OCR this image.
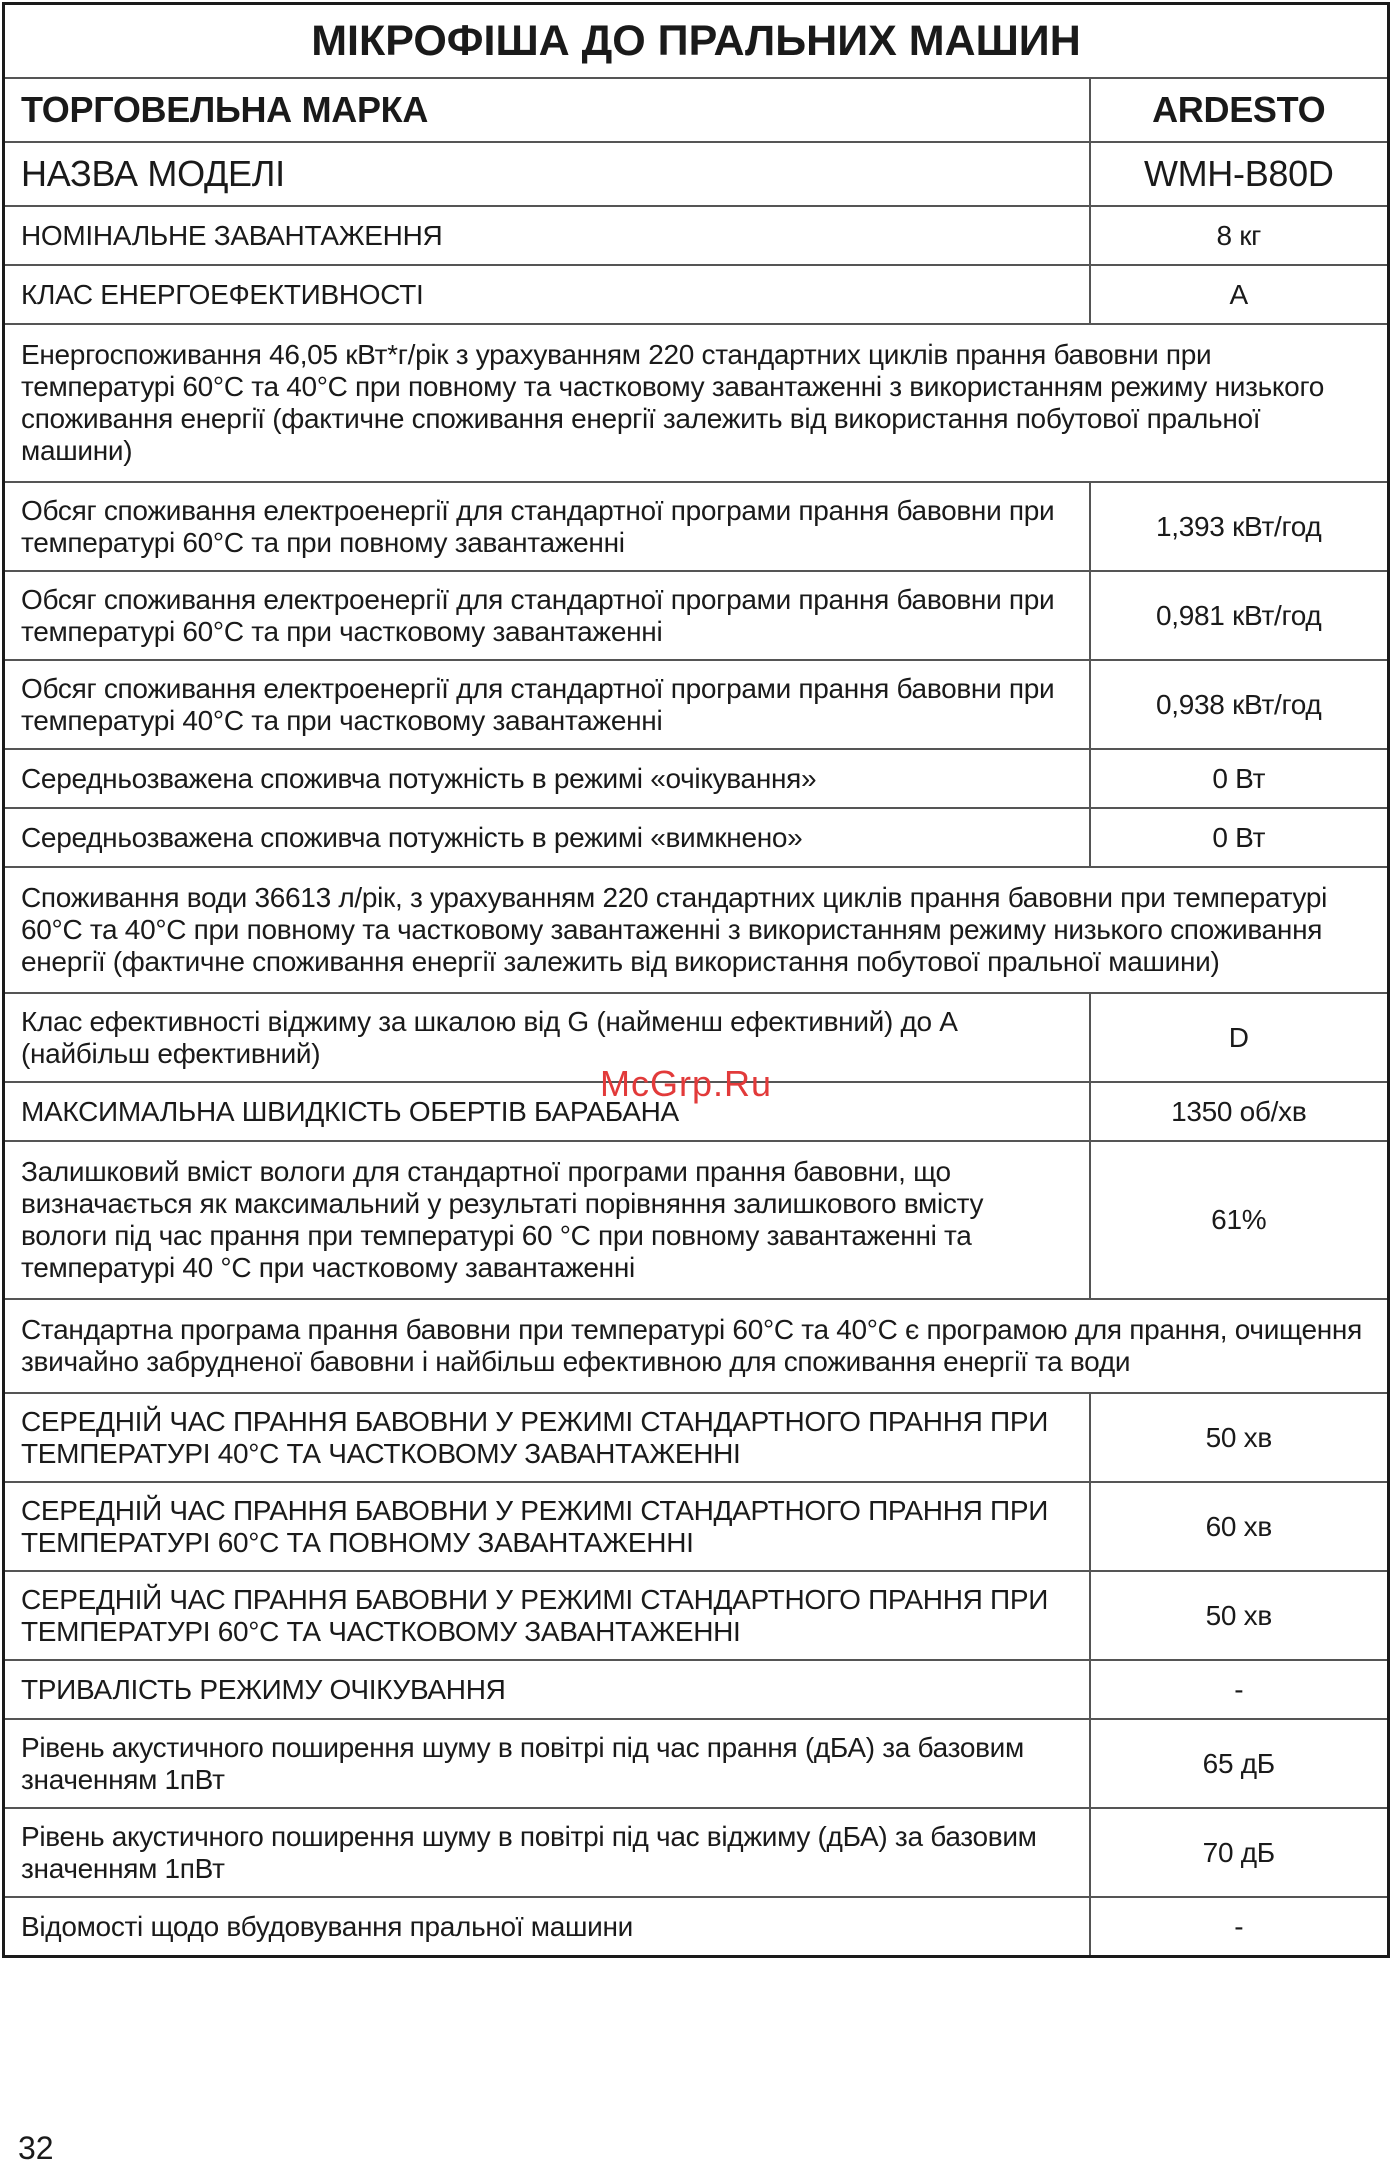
МІКРОФІША ДО ПРАЛЬНИХ МАШИН	
ТОРГОВЕЛЬНА МАРКА	ARDESTO
НАЗВА МОДЕЛІ	WMH-B80D
НОМІНАЛЬНЕ ЗАВАНТАЖЕННЯ	8 кг
КЛАС ЕНЕРГОЕФЕКТИВНОСТІ	A
Енергоспоживання 46,05 кВт*г/рік з урахуванням 220 стандартних циклів прання бавовни при температурі 60°С та 40°С при повному та частковому завантаженні з використанням режиму низького споживання енергії (фактичне споживання енергії залежить від використання побутової пральної машини)	
Обсяг споживання електроенергії для стандартної програми прання бавовни при температурі 60°С та при повному завантаженні	1,393 кВт/год
Обсяг споживання електроенергії для стандартної програми прання бавовни при температурі 60°С та при частковому завантаженні	0,981 кВт/год
Обсяг споживання електроенергії для стандартної програми прання бавовни при температурі 40°С та при частковому завантаженні	0,938 кВт/год
Середньозважена споживча потужність в режимі «очікування»	0 Вт
Середньозважена споживча потужність в режимі «вимкнено»	0 Вт
Споживання води 36613 л/рік, з урахуванням 220 стандартних циклів прання бавовни при температурі 60°С та 40°С при повному та частковому завантаженні з використанням режиму низького споживання енергії (фактичне споживання енергії залежить від використання побутової пральної машини)	
Клас ефективності віджиму за шкалою від G (найменш ефективний) до А (найбільш ефективний)	D
МАКСИМАЛЬНА ШВИДКІСТЬ ОБЕРТІВ БАРАБАНА	1350 об/хв
Залишковий вміст вологи для стандартної програми прання бавовни, що визначається як максимальний у результаті порівняння залишкового вмісту вологи під час прання при температурі 60 °С при повному завантаженні та температурі 40 °С при частковому завантаженні	61%
Стандартна програма прання бавовни при температурі 60°С та 40°С є програмою для прання, очищення звичайно забрудненої бавовни і найбільш ефективною для споживання енергії та води	
СЕРЕДНІЙ ЧАС ПРАННЯ БАВОВНИ У РЕЖИМІ СТАНДАРТНОГО ПРАННЯ ПРИ ТЕМПЕРАТУРІ 40°С ТА ЧАСТКОВОМУ ЗАВАНТАЖЕННІ	50 хв
СЕРЕДНІЙ ЧАС ПРАННЯ БАВОВНИ У РЕЖИМІ СТАНДАРТНОГО ПРАННЯ ПРИ ТЕМПЕРАТУРІ 60°С ТА ПОВНОМУ ЗАВАНТАЖЕННІ	60 хв
СЕРЕДНІЙ ЧАС ПРАННЯ БАВОВНИ У РЕЖИМІ СТАНДАРТНОГО ПРАННЯ ПРИ ТЕМПЕРАТУРІ 60°С ТА ЧАСТКОВОМУ ЗАВАНТАЖЕННІ	50 хв
ТРИВАЛІСТЬ РЕЖИМУ ОЧІКУВАННЯ	-
Рівень акустичного поширення шуму в повітрі під час прання (дБА) за базовим значенням 1пВт	65 дБ
Рівень акустичного поширення шуму в повітрі під час віджиму (дБА) за базовим значенням 1пВт	70 дБ
Відомості щодо вбудовування пральної машини	-
McGrp.Ru
32
